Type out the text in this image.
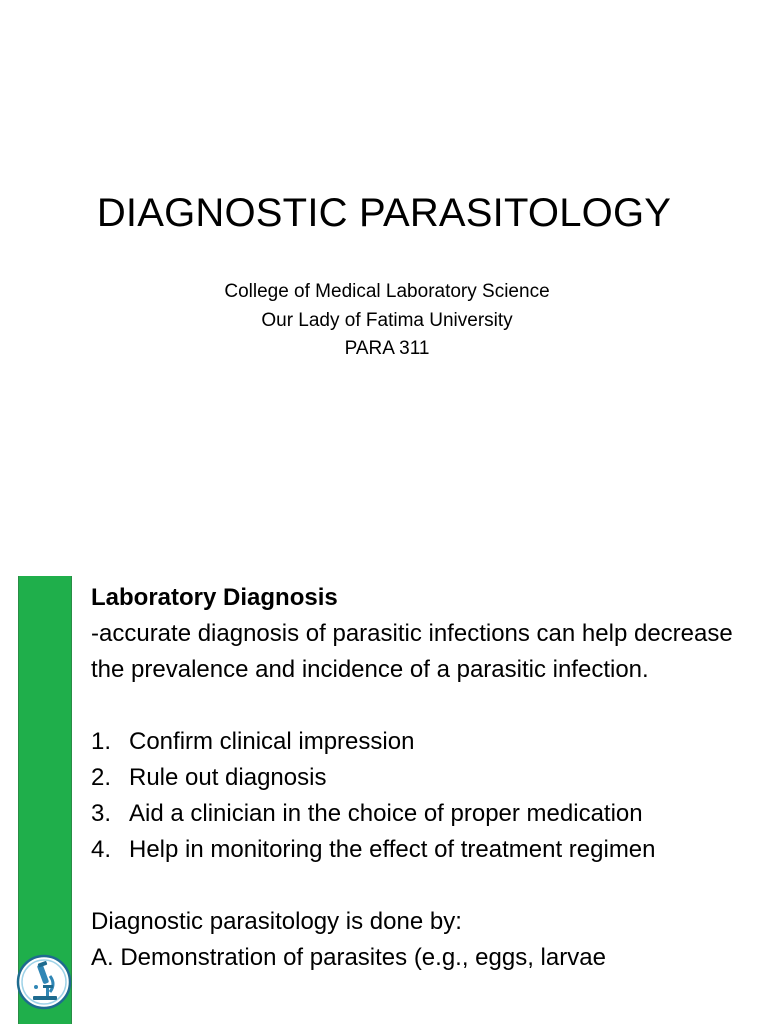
DIAGNOSTIC PARASITOLOGY
College of Medical Laboratory Science
Our Lady of Fatima University
PARA 311
Laboratory Diagnosis

-accurate diagnosis of parasitic infections can help decrease the prevalence and incidence of a parasitic infection.

1. Confirm clinical impression
2. Rule out diagnosis
3. Aid a clinician in the choice of proper medication
4. Help in monitoring the effect of treatment regimen
Diagnostic parasitology is done by:
A. Demonstration of parasites (e.g., eggs, larvae
